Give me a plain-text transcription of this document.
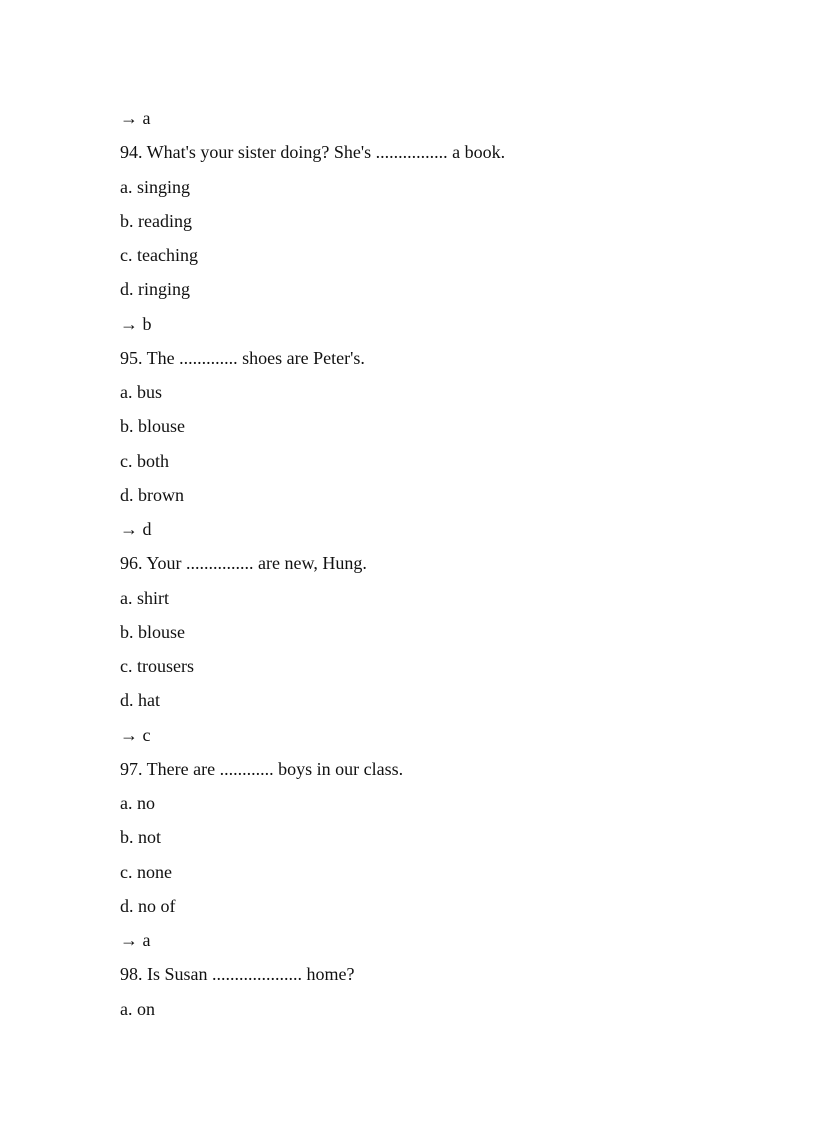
→ a
94. What's your sister doing? She's ................ a book.
a. singing
b. reading
c. teaching
d. ringing
→ b
95. The ............. shoes are Peter's.
a. bus
b. blouse
c. both
d. brown
→ d
96. Your ............... are new, Hung.
a. shirt
b. blouse
c. trousers
d. hat
→ c
97. There are ............ boys in our class.
a. no
b. not
c. none
d. no of
→ a
98. Is Susan .................... home?
a. on
